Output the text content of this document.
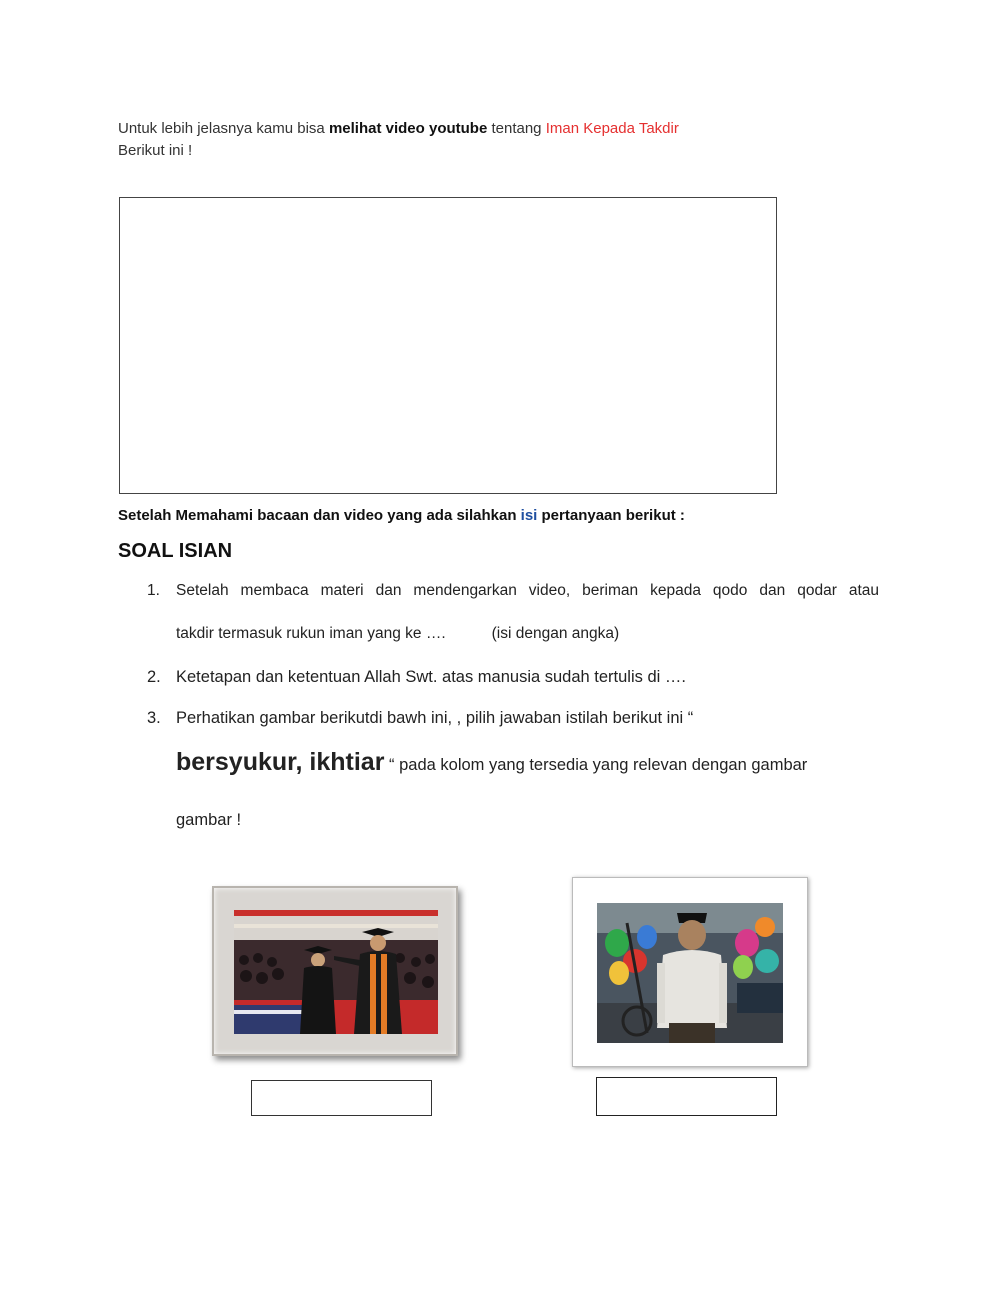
Untuk lebih jelasnya kamu bisa melihat video youtube tentang Iman Kepada Takdir
Berikut ini !
Setelah Memahami bacaan dan video yang ada silahkan isi pertanyaan berikut :
SOAL ISIAN
1. Setelah membaca materi dan mendengarkan video, beriman kepada qodo dan qodar atau
takdir termasuk rukun iman yang ke ….	(isi dengan angka)
2. Ketetapan dan ketentuan Allah Swt. atas manusia sudah tertulis di ….
3. Perhatikan gambar berikutdi bawh ini, , pilih jawaban istilah berikut ini “
bersyukur, ikhtiar “ pada kolom yang tersedia yang relevan dengan gambar
gambar !
